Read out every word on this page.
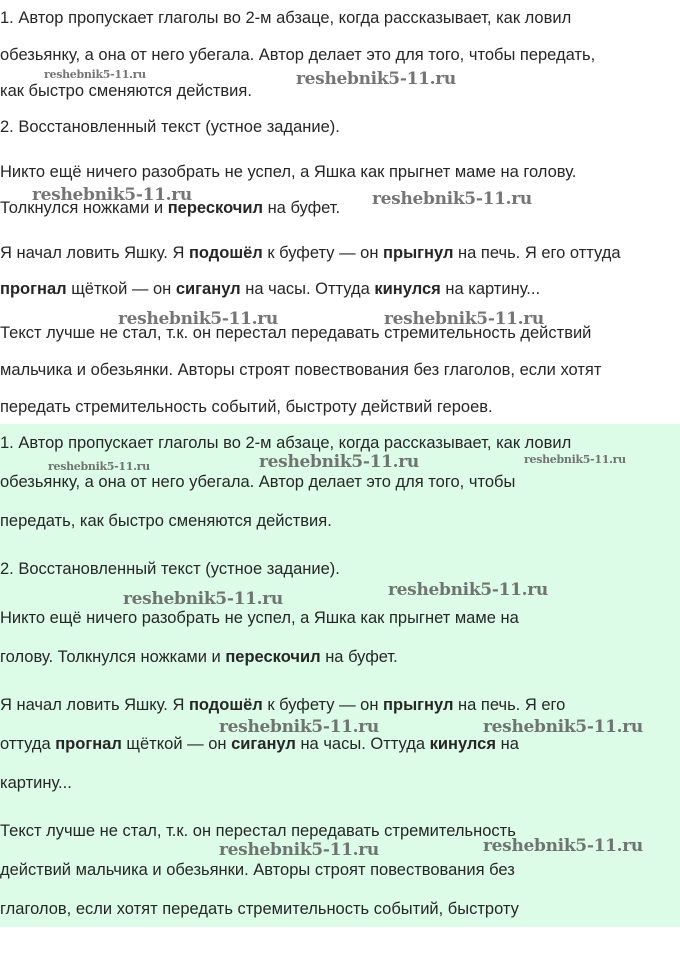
1. Автор пропускает глаголы во 2-м абзаце, когда рассказывает, как ловил
обезьянку, а она от него убегала. Автор делает это для того, чтобы передать,
как быстро сменяются действия.
2. Восстановленный текст (устное задание).
Никто ещё ничего разобрать не успел, а Яшка как прыгнет маме на голову.
Толкнулся ножками и перескочил на буфет.
Я начал ловить Яшку. Я подошёл к буфету — он прыгнул на печь. Я его оттуда
прогнал щёткой — он сиганул на часы. Оттуда кинулся на картину...
Текст лучше не стал, т.к. он перестал передавать стремительность действий
мальчика и обезьянки. Авторы строят повествования без глаголов, если хотят
передать стремительность событий, быстроту действий героев.
1. Автор пропускает глаголы во 2-м абзаце, когда рассказывает, как ловил
обезьянку, а она от него убегала. Автор делает это для того, чтобы
передать, как быстро сменяются действия.
2. Восстановленный текст (устное задание).
Никто ещё ничего разобрать не успел, а Яшка как прыгнет маме на
голову. Толкнулся ножками и перескочил на буфет.
Я начал ловить Яшку. Я подошёл к буфету — он прыгнул на печь. Я его
оттуда прогнал щёткой — он сиганул на часы. Оттуда кинулся на
картину...
Текст лучше не стал, т.к. он перестал передавать стремительность
действий мальчика и обезьянки. Авторы строят повествования без
глаголов, если хотят передать стремительность событий, быстроту
reshebnik5-11.ru	reshebnik5-11.ru
reshebnik5-11.ru	reshebnik5-11.ru
reshebnik5-11.ru	reshebnik5-11.ru
reshebnik5-11.ru	reshebnik5-11.ru	reshebnik5-11.ru
reshebnik5-11.ru
reshebnik5-11.ru
reshebnik5-11.ru	reshebnik5-11.ru
reshebnik5-11.ru	reshebnik5-11.ru
